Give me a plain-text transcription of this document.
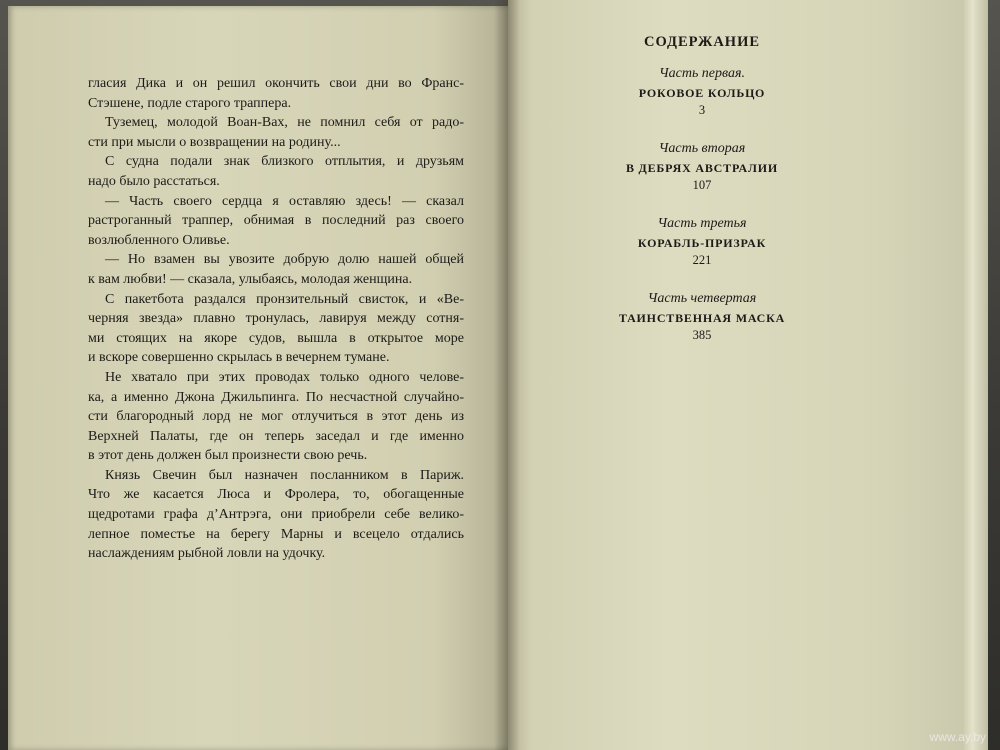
гласия Дика и он решил окончить свои дни во Франс-
Стэшене, подле старого траппера.
Туземец, молодой Воан-Вах, не помнил себя от радо-
сти при мысли о возвращении на родину...
С судна подали знак близкого отплытия, и друзьям
надо было расстаться.
— Часть своего сердца я оставляю здесь! — сказал
растроганный траппер, обнимая в последний раз своего
возлюбленного Оливье.
— Но взамен вы увозите добрую долю нашей общей
к вам любви! — сказала, улыбаясь, молодая женщина.
С пакетбота раздался пронзительный свисток, и «Ве-
черняя звезда» плавно тронулась, лавируя между сотня-
ми стоящих на якоре судов, вышла в открытое море
и вскоре совершенно скрылась в вечернем тумане.
Не хватало при этих проводах только одного челове-
ка, а именно Джона Джильпинга. По несчастной случайно-
сти благородный лорд не мог отлучиться в этот день из
Верхней Палаты, где он теперь заседал и где именно
в этот день должен был произнести свою речь.
Князь Свечин был назначен посланником в Париж.
Что же касается Люса и Фролера, то, обогащенные
щедротами графа д’Антрэга, они приобрели себе велико-
лепное поместье на берегу Марны и всецело отдались
наслаждениям рыбной ловли на удочку.
СОДЕРЖАНИЕ
Часть первая.
РОКОВОЕ КОЛЬЦО
3
Часть вторая
В ДЕБРЯХ АВСТРАЛИИ
107
Часть третья
КОРАБЛЬ-ПРИЗРАК
221
Часть четвертая
ТАИНСТВЕННАЯ МАСКА
385
www.ay.by
